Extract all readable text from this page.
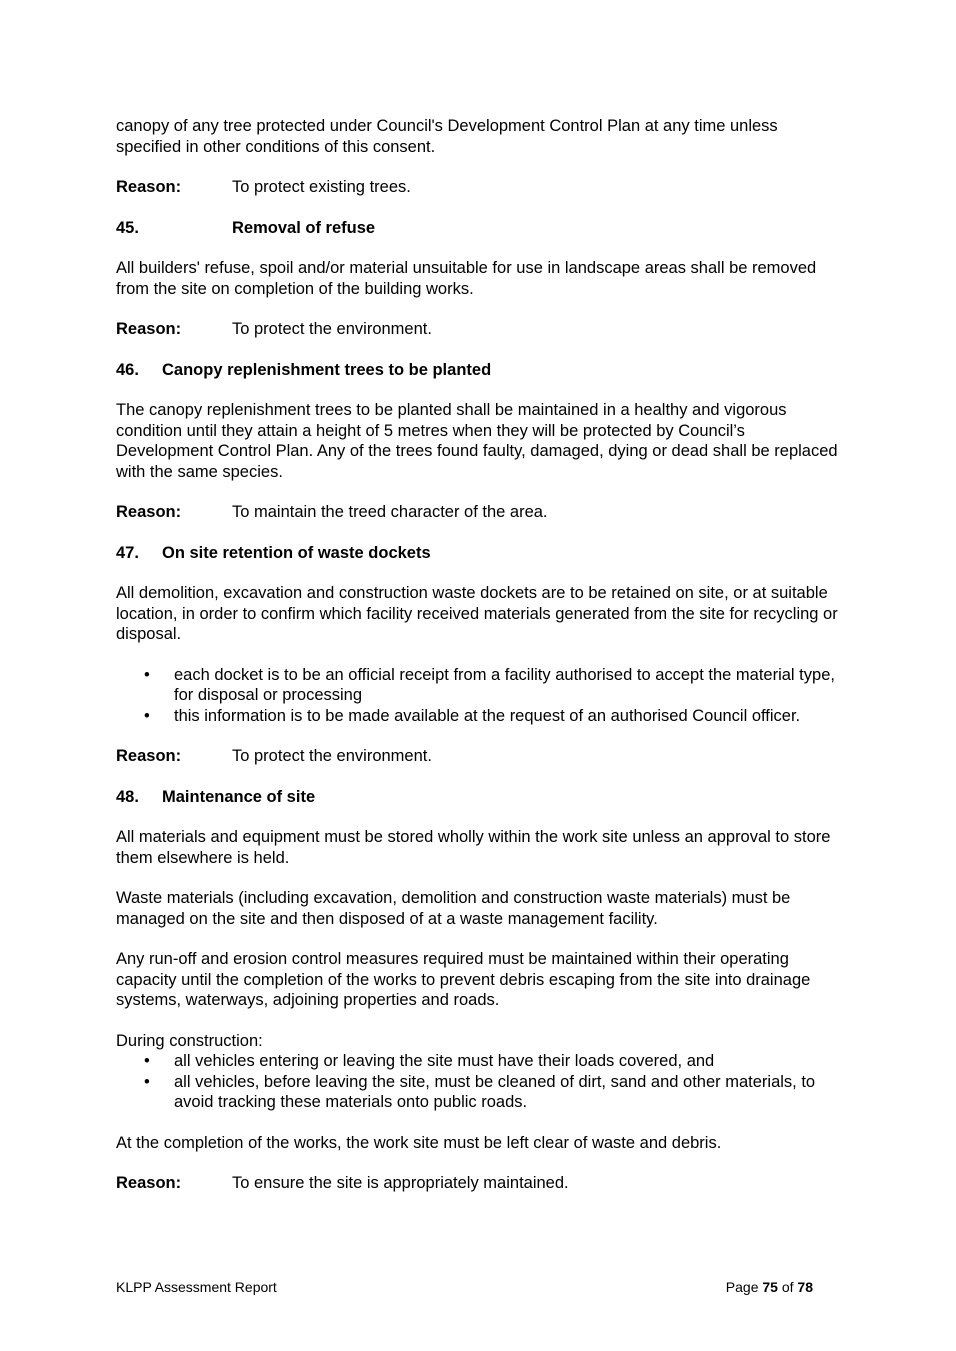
canopy of any tree protected under Council's Development Control Plan at any time unless specified in other conditions of this consent.

Reason:	To protect existing trees.
45.	Removal of refuse

All builders' refuse, spoil and/or material unsuitable for use in landscape areas shall be removed from the site on completion of the building works.

Reason:	To protect the environment.
46.	Canopy replenishment trees to be planted

The canopy replenishment trees to be planted shall be maintained in a healthy and vigorous condition until they attain a height of 5 metres when they will be protected by Council’s Development Control Plan. Any of the trees found faulty, damaged, dying or dead shall be replaced with the same species.

Reason:	To maintain the treed character of the area.
47.	On site retention of waste dockets

All demolition, excavation and construction waste dockets are to be retained on site, or at suitable location, in order to confirm which facility received materials generated from the site for recycling or disposal.

• each docket is to be an official receipt from a facility authorised to accept the material type, for disposal or processing
• this information is to be made available at the request of an authorised Council officer.
Reason:	To protect the environment.
48.	Maintenance of site

All materials and equipment must be stored wholly within the work site unless an approval to store them elsewhere is held.

Waste materials (including excavation, demolition and construction waste materials) must be managed on the site and then disposed of at a waste management facility.

Any run-off and erosion control measures required must be maintained within their operating capacity until the completion of the works to prevent debris escaping from the site into drainage systems, waterways, adjoining properties and roads.

During construction:

• all vehicles entering or leaving the site must have their loads covered, and
• all vehicles, before leaving the site, must be cleaned of dirt, sand and other materials, to avoid tracking these materials onto public roads.

At the completion of the works, the work site must be left clear of waste and debris.

Reason:	To ensure the site is appropriately maintained.
KLPP Assessment Report	Page 75 of 78
